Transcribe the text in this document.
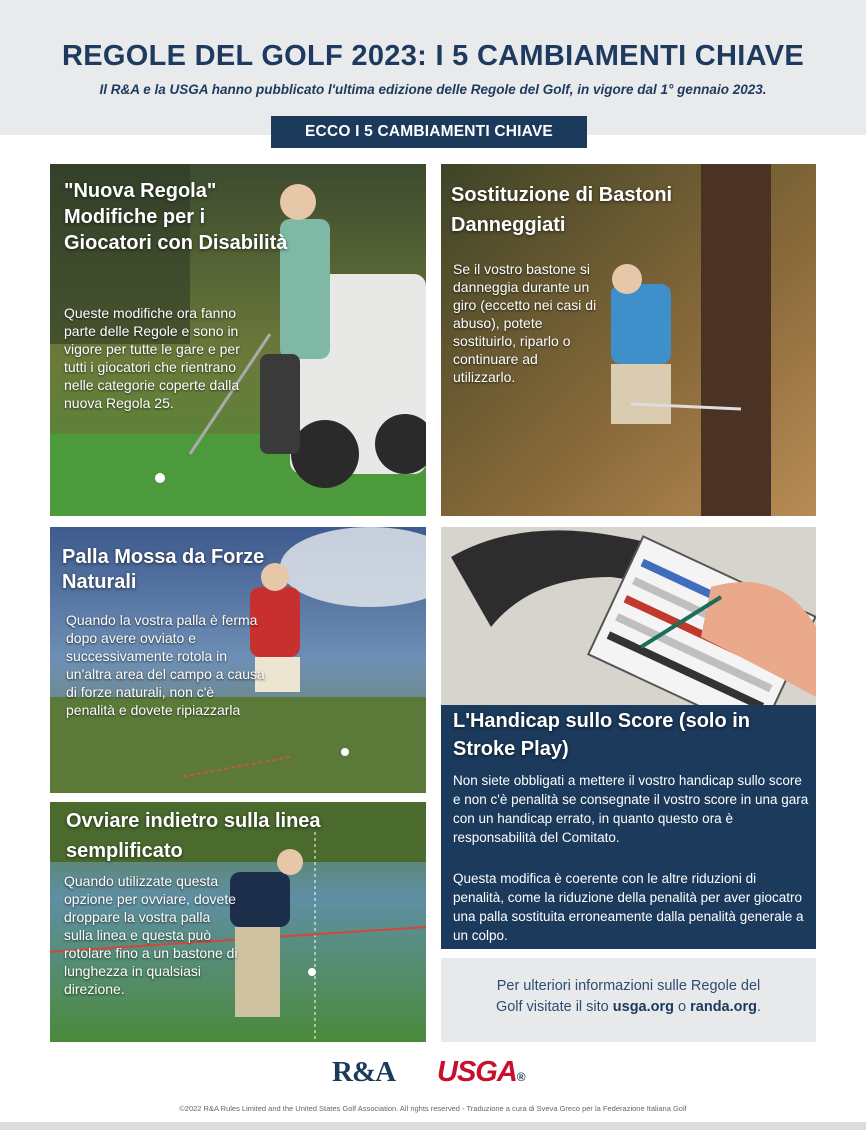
REGOLE DEL GOLF 2023: I 5 CAMBIAMENTI CHIAVE
Il R&A e la USGA hanno pubblicato l'ultima edizione delle Regole del Golf, in vigore dal 1° gennaio 2023.
ECCO I 5 CAMBIAMENTI CHIAVE
"Nuova Regola" Modifiche per i Giocatori con Disabilità
Queste modifiche ora fanno parte delle Regole e sono in vigore per tutte le gare e per tutti i giocatori che rientrano nelle categorie coperte dalla nuova Regola 25.
Sostituzione di Bastoni Danneggiati
Se il vostro bastone si danneggia durante un giro (eccetto nei casi di abuso), potete sostituirlo, riparlo o continuare ad utilizzarlo.
Palla Mossa da Forze Naturali
Quando la vostra palla è ferma dopo avere ovviato e successivamente rotola in un'altra area del campo a causa di forze naturali, non c'è penalità e dovete ripiazzarla
Ovviare indietro sulla linea semplificato
Quando utilizzate questa opzione per ovviare, dovete droppare la vostra palla sulla linea e questa può rotolare fino a un bastone di lunghezza in qualsiasi direzione.
L'Handicap sullo Score (solo in Stroke Play)
Non siete obbligati a mettere il vostro handicap sullo score e non c'è penalità se consegnate il vostro score in una gara con un handicap errato, in quanto questo ora è responsabilità del Comitato.
Questa modifica è coerente con le altre riduzioni di penalità, come la riduzione della penalità per aver giocatro una palla sostituita erroneamente dalla penalità generale a un colpo.
Per ulteriori informazioni sulle Regole del
Golf visitate il sito usga.org o randa.org.
R&A USGA®
©2022 R&A Rules Limited and the United States Golf Association. All rights reserved - Traduzione a cura di Sveva Greco per la Federazione Italiana Golf
